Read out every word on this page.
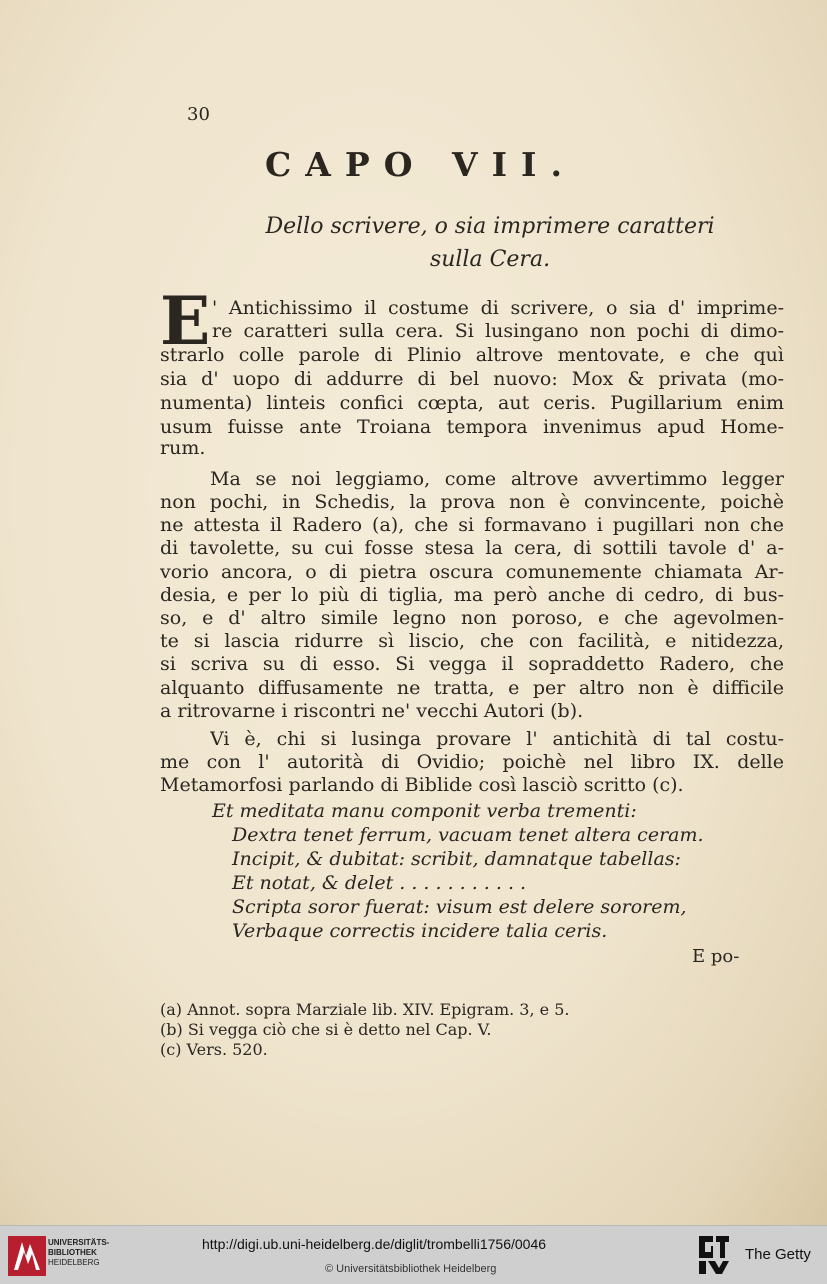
30
CAPO VII.
Dello scrivere, o sia imprimere caratteri
sulla Cera.
E ' Antichissimo il costume di scrivere, o sia d' imprime-
re caratteri sulla cera. Si lusingano non pochi di dimo-
strarlo colle parole di Plinio altrove mentovate, e che quì
sia d' uopo di addurre di bel nuovo: Mox & privata (mo-
numenta) linteis confici cœpta, aut ceris. Pugillarium enim
usum fuisse ante Troiana tempora invenimus apud Home-
rum.
Ma se noi leggiamo, come altrove avvertimmo legger
non pochi, in Schedis, la prova non è convincente, poichè
ne attesta il Radero (a), che si formavano i pugillari non che
di tavolette, su cui fosse stesa la cera, di sottili tavole d' a-
vorio ancora, o di pietra oscura comunemente chiamata Ar-
desia, e per lo più di tiglia, ma però anche di cedro, di bus-
so, e d' altro simile legno non poroso, e che agevolmen-
te si lascia ridurre sì liscio, che con facilità, e nitidezza,
si scriva su di esso. Si vegga il sopraddetto Radero, che
alquanto diffusamente ne tratta, e per altro non è difficile
a ritrovarne i riscontri ne' vecchi Autori (b).
Vi è, chi si lusinga provare l' antichità di tal costu-
me con l' autorità di Ovidio; poichè nel libro IX. delle
Metamorfosi parlando di Biblide così lasciò scritto (c).
Et meditata manu componit verba trementi:
Dextra tenet ferrum, vacuam tenet altera ceram.
Incipit, & dubitat: scribit, damnatque tabellas:
Et notat, & delet . . . . . . . . . . .
Scripta soror fuerat: visum est delere sororem,
Verbaque correctis incidere talia ceris.
E po-
(a) Annot. sopra Marziale lib. XIV. Epigram. 3, e 5.
(b) Si vegga ciò che si è detto nel Cap. V.
(c) Vers. 520.
UNIVERSITÄTS-
BIBLIOTHEK
HEIDELBERG
http://digi.ub.uni-heidelberg.de/diglit/trombelli1756/0046
© Universitätsbibliothek Heidelberg
The Getty
